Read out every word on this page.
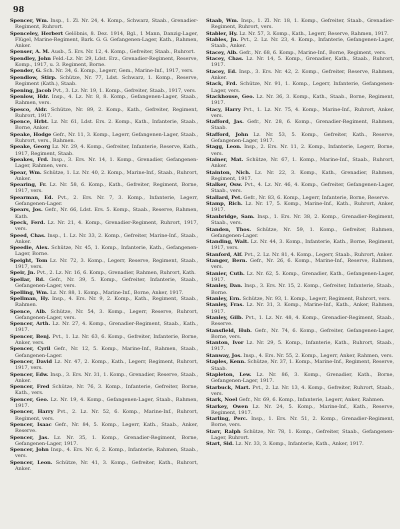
98

Spencer, Wm. Insp., 1. Zl. Nr. 24, 4. Komp., Schwarz, Staab., Grenadier-Regiment, Ruhrort.

Spenceley, Herbert Gelöbnis, 8. Dez. 1914, Bgl., 1 Mann, Danzig-Lager, Flügel, Marine-Regiment, Bark. G. G. Gefangenen-Lager, Kath., Rahmen, Anker.

Spenser, A. M. Ausb., 5. Ers. Nr. 12, 4. Komp., Gefreiter, Staab., Ruhrort.

Spendley, John Feld.-Lz. Nr. 29, Ldst. Erz., Grenadier-Regiment, Reserve, Komp., 1917, u. 3. Regiment, Borne.

Spender, G. Sch. Nr. 34, 6. Komp., Legerr, Gem., Marine-Inf., 1917, vers.

Spendlow, Stirp. Schütze, Nr. 77, Ldst. Schwarz, 1. Komp., Reserve, Regiment (Kath.), Staab.

Spening, Jacob Pvt., 3. Lz. Nr. 19, 1. Komp., Gefreiter, Staab., 1917, vers.

Spenlow, Hdr. Insp., 4. Lz. Nr. 8, 8. Komp., Gefangenen-Lager, Staab., Rahmen, vers.

Spesco, Aldr. Schütze, Nr. 89, 2. Komp., Kath., Gefreiter, Regiment, Ruhrort, 1917.

Spence, Hrbt. Lz. Nr. 61, Ldst. Ers. 2. Komp., Kath., Infanterie, Staab., Borne, Anker.

Speake, Hodge Gefr., Nr. 11, 3. Komp., Legerr, Gefangenen-Lager, Staab., Ruhrort, vers., Rahmen.

Speake, Georg Lz. Nr. 29, 4. Komp., Gefreiter, Infanterie, Reserve, Kath., 1917, Regiment, Staab.

Speakes, Frd. Insp., 3. Ers. Nr. 14, 1. Komp., Grenadier, Gefangenen-Lager, Rahmen, vers.

Spear, Wm. Schütze, 1. Lz. Nr. 40, 2. Komp., Marine-Inf., Staab., Ruhrort, Anker.

Spearing, Fr. Lz. Nr. 58, 6. Komp., Kath., Gefreiter, Regiment, Borne, 1917, vers.

Spearman, Ed. Pvt., 2. Ers. Nr. 7, 3. Komp., Infanterie, Legerr, Gefangenen-Lager.

Spears, Jos. Gefr., Nr. 66, Ldst. Ers. 5. Komp., Staab., Reserve, Rahmen, Kath.

Speck, Ferd. Lz. Nr. 21, 4. Komp., Grenadier-Regiment, Ruhrort, 1917, vers.

Speed, Chas. Insp., 1. Lz. Nr. 33, 2. Komp., Gefreiter, Marine-Inf., Staab., Anker.

Speedie, Alex. Schütze, Nr. 45, 1. Komp., Infanterie, Kath., Gefangenen-Lager, Borne.

Speight, Tom Lz. Nr. 72, 3. Komp., Legerr, Reserve, Regiment, Staab., 1917, vers.

Speir, Jn. Pvt., 2. Lz. Nr. 16, 6. Komp., Grenadier, Rahmen, Ruhrort, Kath.

Spellar, Rd. Gefr., Nr. 39, 5. Komp., Gefreiter, Infanterie, Staab., Gefangenen-Lager, vers.

Spelling, Wm. Lz. Nr. 88, 1. Komp., Marine-Inf., Borne, Anker, 1917.

Spellman, Hy. Insp., 4. Ers. Nr. 9, 2. Komp., Kath., Regiment, Staab., Rahmen.

Spence, Alb. Schütze, Nr. 54, 3. Komp., Legerr, Reserve, Ruhrort, Gefangenen-Lager, vers.

Spencer, Arth. Lz. Nr. 27, 4. Komp., Grenadier-Regiment, Staab., Kath., 1917.

Spencer, Benj. Pvt., 1. Lz. Nr. 63, 6. Komp., Gefreiter, Infanterie, Borne, Anker, vers.

Spencer, Cyril Gefr., Nr. 12, 5. Komp., Marine-Inf., Rahmen, Staab., Gefangenen-Lager.

Spencer, David Lz. Nr. 47, 2. Komp., Kath., Legerr, Regiment, Ruhrort, 1917, vers.

Spencer, Edw. Insp., 3. Ers. Nr. 31, 1. Komp., Grenadier, Reserve, Staab., Anker.

Spencer, Fred Schütze, Nr. 76, 3. Komp., Infanterie, Gefreiter, Borne, Kath., vers.

Spencer, Geo. Lz. Nr. 19, 4. Komp., Gefangenen-Lager, Staab., Rahmen, 1917.

Spencer, Harry Pvt., 2. Lz. Nr. 52, 6. Komp., Marine-Inf., Ruhrort, Regiment, vers.

Spencer, Isaac Gefr., Nr. 84, 5. Komp., Legerr, Kath., Staab., Anker, Reserve.

Spencer, Jas. Lz. Nr. 35, 1. Komp., Grenadier-Regiment, Borne, Gefangenen-Lager, 1917.

Spencer, John Insp., 4. Ers. Nr. 6, 2. Komp., Infanterie, Rahmen, Staab., vers.

Spencer, Leon. Schütze, Nr. 41, 3. Komp., Gefreiter, Kath., Ruhrort, Anker.

Staab, Wm. Insp., 1. Zl. Nr. 18, 1. Komp., Gefreiter, Staab., Grenadier-Regiment, Ruhrort, vers.

Stabler, Hy. Lz. Nr. 57, 3. Komp., Kath., Legerr, Reserve, Rahmen, 1917.

Stables, Jn. Pvt., 2. Lz. Nr. 23, 4. Komp., Infanterie, Gefangenen-Lager, Staab., Anker.

Stacey, Alb. Gefr., Nr. 68, 6. Komp., Marine-Inf., Borne, Regiment, vers.

Stacey, Chas. Lz. Nr. 14, 5. Komp., Grenadier, Kath., Staab., Ruhrort, 1917.

Stacey, Ed. Insp., 3. Ers. Nr. 42, 2. Komp., Gefreiter, Reserve, Rahmen, Anker.

Stack, Frd. Schütze, Nr. 91, 1. Komp., Legerr, Infanterie, Gefangenen-Lager, vers.

Stackhouse, Geo. Lz. Nr. 36, 3. Komp., Kath., Staab., Borne, Regiment, 1917.

Stacy, Harry Pvt., 1. Lz. Nr. 75, 4. Komp., Marine-Inf., Ruhrort, Anker, vers.

Stafford, Jas. Gefr., Nr. 28, 6. Komp., Grenadier-Regiment, Rahmen, Staab.

Stafford, John Lz. Nr. 53, 5. Komp., Gefreiter, Kath., Reserve, Gefangenen-Lager, 1917.

Stagg, Leon. Insp., 2. Ers. Nr. 11, 2. Komp., Infanterie, Legerr, Borne, vers.

Stainer, Mat. Schütze, Nr. 67, 1. Komp., Marine-Inf., Staab., Ruhrort, Anker.

Stainton, Nich. Lz. Nr. 22, 3. Komp., Kath., Grenadier, Rahmen, Regiment, 1917.

Stalker, Osw. Pvt., 4. Lz. Nr. 46, 4. Komp., Gefreiter, Gefangenen-Lager, Staab., vers.

Stallard, Pet. Gefr., Nr. 83, 6. Komp., Legerr, Infanterie, Borne, Reserve.

Stamp, Rich. Lz. Nr. 17, 5. Komp., Marine-Inf., Kath., Ruhrort, Anker, 1917.

Stanbridge, Sam. Insp., 1. Ers. Nr. 38, 2. Komp., Grenadier-Regiment, Staab., vers.

Standen, Thos. Schütze, Nr. 59, 1. Komp., Gefreiter, Rahmen, Gefangenen-Lager.

Standing, Walt. Lz. Nr. 44, 3. Komp., Infanterie, Kath., Borne, Regiment, 1917, vers.

Stanford, Alf. Pvt., 2. Lz. Nr. 81, 4. Komp., Legerr, Staab., Ruhrort, Anker.

Stanger, Bern. Gefr., Nr. 26, 6. Komp., Marine-Inf., Reserve, Rahmen, vers.

Stanier, Cuth. Lz. Nr. 62, 5. Komp., Grenadier, Kath., Gefangenen-Lager, 1917.

Stanley, Dan. Insp., 3. Ers. Nr. 15, 2. Komp., Gefreiter, Infanterie, Staab., Borne.

Stanley, Ern. Schütze, Nr. 93, 1. Komp., Legerr, Regiment, Ruhrort, vers.

Stanley, Fras. Lz. Nr. 31, 3. Komp., Marine-Inf., Kath., Anker, Rahmen, 1917.

Stanley, Gilb. Pvt., 1. Lz. Nr. 48, 4. Komp., Grenadier-Regiment, Staab., Reserve.

Stansfield, Hub. Gefr., Nr. 74, 6. Komp., Gefreiter, Gefangenen-Lager, Borne, vers.

Stanton, Ivor Lz. Nr. 29, 5. Komp., Infanterie, Kath., Ruhrort, Staab., 1917.

Stanway, Jos. Insp., 4. Ers. Nr. 55, 2. Komp., Legerr, Anker, Rahmen, vers.

Staples, Kenn. Schütze, Nr. 37, 1. Komp., Marine-Inf., Regiment, Reserve, Staab.

Stapleton, Lew. Lz. Nr. 86, 3. Komp., Grenadier, Kath., Borne, Gefangenen-Lager, 1917.

Starbuck, Mart. Pvt., 2. Lz. Nr. 13, 4. Komp., Gefreiter, Ruhrort, Staab., vers.

Stark, Noel Gefr., Nr. 69, 6. Komp., Infanterie, Legerr, Anker, Rahmen.

Starkey, Owen Lz. Nr. 24, 5. Komp., Marine-Inf., Kath., Reserve, Regiment, 1917.

Starling, Perc. Insp., 1. Ers. Nr. 51, 2. Komp., Grenadier-Regiment, Borne, vers.

Starr, Ralph Schütze, Nr. 78, 1. Komp., Gefreiter, Staab., Gefangenen-Lager, Ruhrort.

Start, Sid. Lz. Nr. 33, 3. Komp., Infanterie, Kath., Anker, 1917.
